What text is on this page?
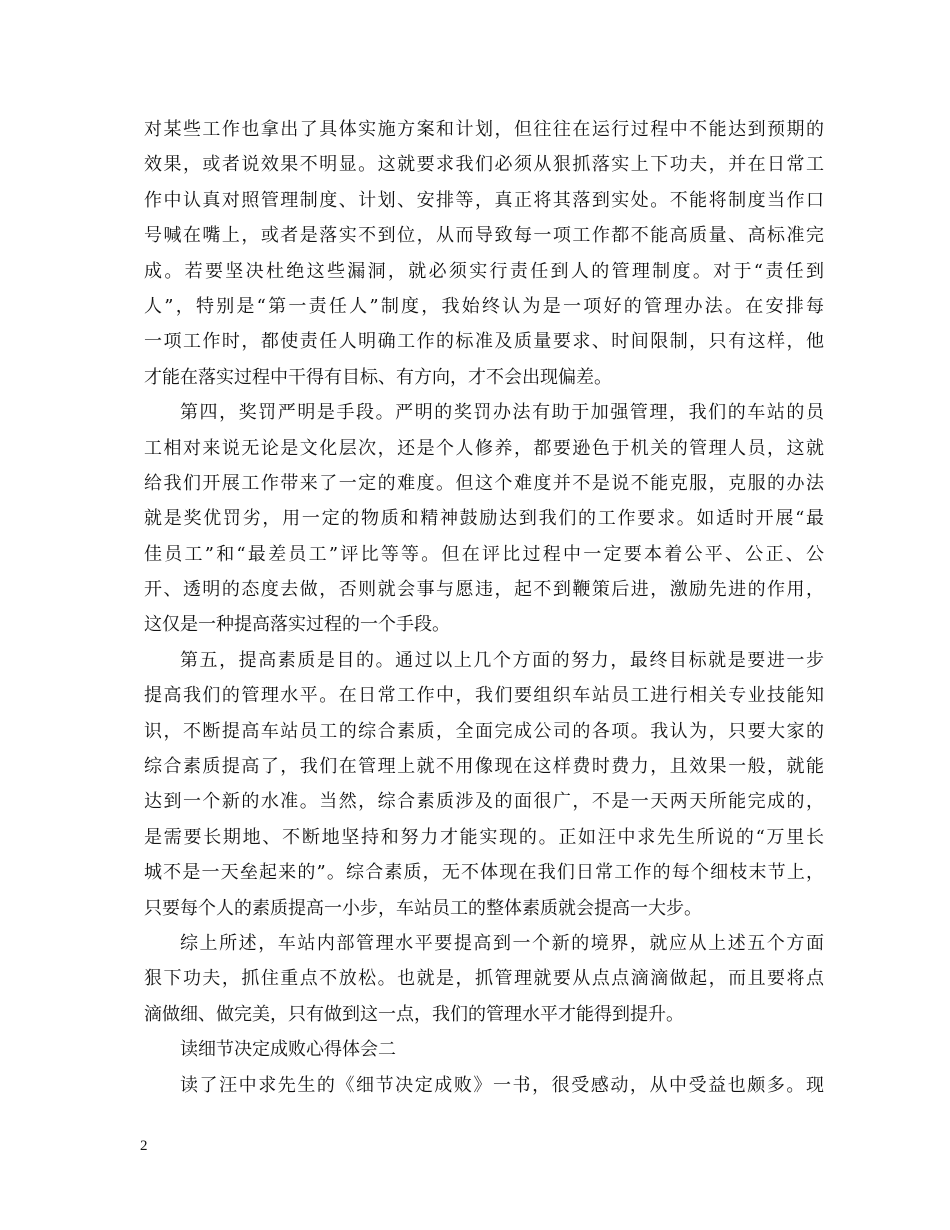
对某些工作也拿出了具体实施方案和计划，但往往在运行过程中不能达到预期的
效果，或者说效果不明显。这就要求我们必须从狠抓落实上下功夫，并在日常工
作中认真对照管理制度、计划、安排等，真正将其落到实处。不能将制度当作口
号喊在嘴上，或者是落实不到位，从而导致每一项工作都不能高质量、高标准完
成。若要坚决杜绝这些漏洞，就必须实行责任到人的管理制度。对于“责任到
人”，特别是“第一责任人”制度，我始终认为是一项好的管理办法。在安排每
一项工作时，都使责任人明确工作的标准及质量要求、时间限制，只有这样，他
才能在落实过程中干得有目标、有方向，才不会出现偏差。
第四，奖罚严明是手段。严明的奖罚办法有助于加强管理，我们的车站的员
工相对来说无论是文化层次，还是个人修养，都要逊色于机关的管理人员，这就
给我们开展工作带来了一定的难度。但这个难度并不是说不能克服，克服的办法
就是奖优罚劣，用一定的物质和精神鼓励达到我们的工作要求。如适时开展“最
佳员工”和“最差员工”评比等等。但在评比过程中一定要本着公平、公正、公
开、透明的态度去做，否则就会事与愿违，起不到鞭策后进，激励先进的作用，
这仅是一种提高落实过程的一个手段。
第五，提高素质是目的。通过以上几个方面的努力，最终目标就是要进一步
提高我们的管理水平。在日常工作中，我们要组织车站员工进行相关专业技能知
识，不断提高车站员工的综合素质，全面完成公司的各项。我认为，只要大家的
综合素质提高了，我们在管理上就不用像现在这样费时费力，且效果一般，就能
达到一个新的水准。当然，综合素质涉及的面很广，不是一天两天所能完成的，
是需要长期地、不断地坚持和努力才能实现的。正如汪中求先生所说的“万里长
城不是一天垒起来的”。综合素质，无不体现在我们日常工作的每个细枝末节上，
只要每个人的素质提高一小步，车站员工的整体素质就会提高一大步。
综上所述，车站内部管理水平要提高到一个新的境界，就应从上述五个方面
狠下功夫，抓住重点不放松。也就是，抓管理就要从点点滴滴做起，而且要将点
滴做细、做完美，只有做到这一点，我们的管理水平才能得到提升。
读细节决定成败心得体会二
读了汪中求先生的《细节决定成败》一书，很受感动，从中受益也颇多。现
2
